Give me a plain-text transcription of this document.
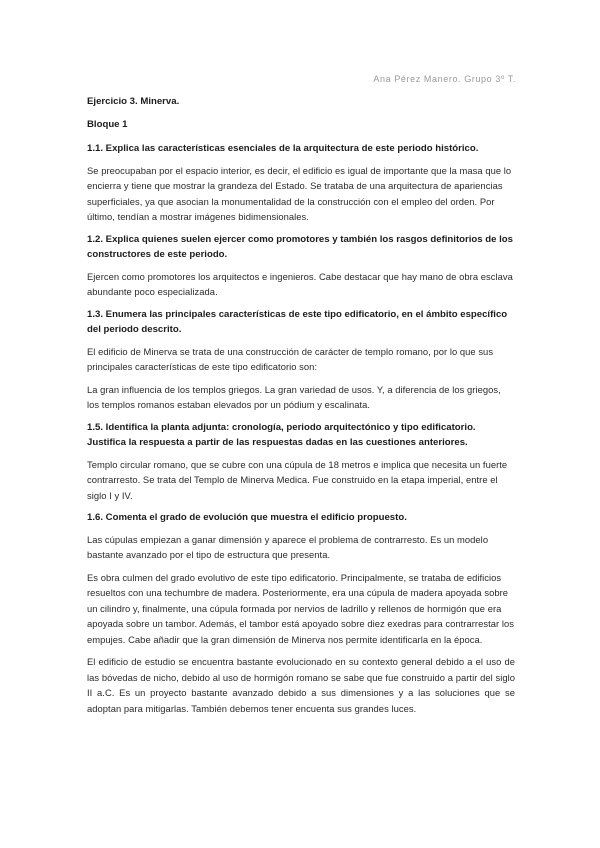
Ana Pérez Manero. Grupo 3º T.
Ejercicio 3. Minerva.
Bloque 1
1.1. Explica las características esenciales de la arquitectura de este periodo histórico.
Se preocupaban por el espacio interior, es decir, el edificio es igual de importante que la masa que lo encierra y tiene que mostrar la grandeza del Estado. Se trataba de una arquitectura de apariencias superficiales, ya que asocian la monumentalidad de la construcción con el empleo del orden. Por último, tendían a mostrar imágenes bidimensionales.
1.2. Explica quienes suelen ejercer como promotores y también los rasgos definitorios de los constructores de este periodo.
Ejercen como promotores los arquitectos e ingenieros. Cabe destacar que hay mano de obra esclava abundante poco especializada.
1.3. Enumera las principales características de este tipo edificatorio, en el ámbito específico del periodo descrito.
El edificio de Minerva se trata de una construcción de carácter de templo romano, por lo que sus principales características de este tipo edificatorio son:
La gran influencia de los templos griegos. La gran variedad de usos. Y, a diferencia de los griegos, los templos romanos estaban elevados por un pódium y escalinata.
1.5. Identifica la planta adjunta: cronología, periodo arquitectónico y tipo edificatorio. Justifica la respuesta a partir de las respuestas dadas en las cuestiones anteriores.
Templo circular romano, que se cubre con una cúpula de 18 metros e implica que necesita un fuerte contrarresto. Se trata del Templo de Minerva Medica. Fue construido en la etapa imperial, entre el siglo I y IV.
1.6. Comenta el grado de evolución que muestra el edificio propuesto.
Las cúpulas empiezan a ganar dimensión y aparece el problema de contrarresto. Es un modelo bastante avanzado por el tipo de estructura que presenta.
Es obra culmen del grado evolutivo de este tipo edificatorio. Principalmente, se trataba de edificios resueltos con una techumbre de madera. Posteriormente, era una cúpula de madera apoyada sobre un cilindro y, finalmente, una cúpula formada por nervios de ladrillo y rellenos de hormigón que era apoyada sobre un tambor. Además, el tambor está apoyado sobre diez exedras para contrarrestar los empujes. Cabe añadir que la gran dimensión de Minerva nos permite identificarla en la época.
El edificio de estudio se encuentra bastante evolucionado en su contexto general debido a el uso de las bóvedas de nicho, debido al uso de hormigón romano se sabe que fue construido a partir del siglo II a.C. Es un proyecto bastante avanzado debido a sus dimensiones y a las soluciones que se adoptan para mitigarlas. También debemos tener encuenta sus grandes luces.
